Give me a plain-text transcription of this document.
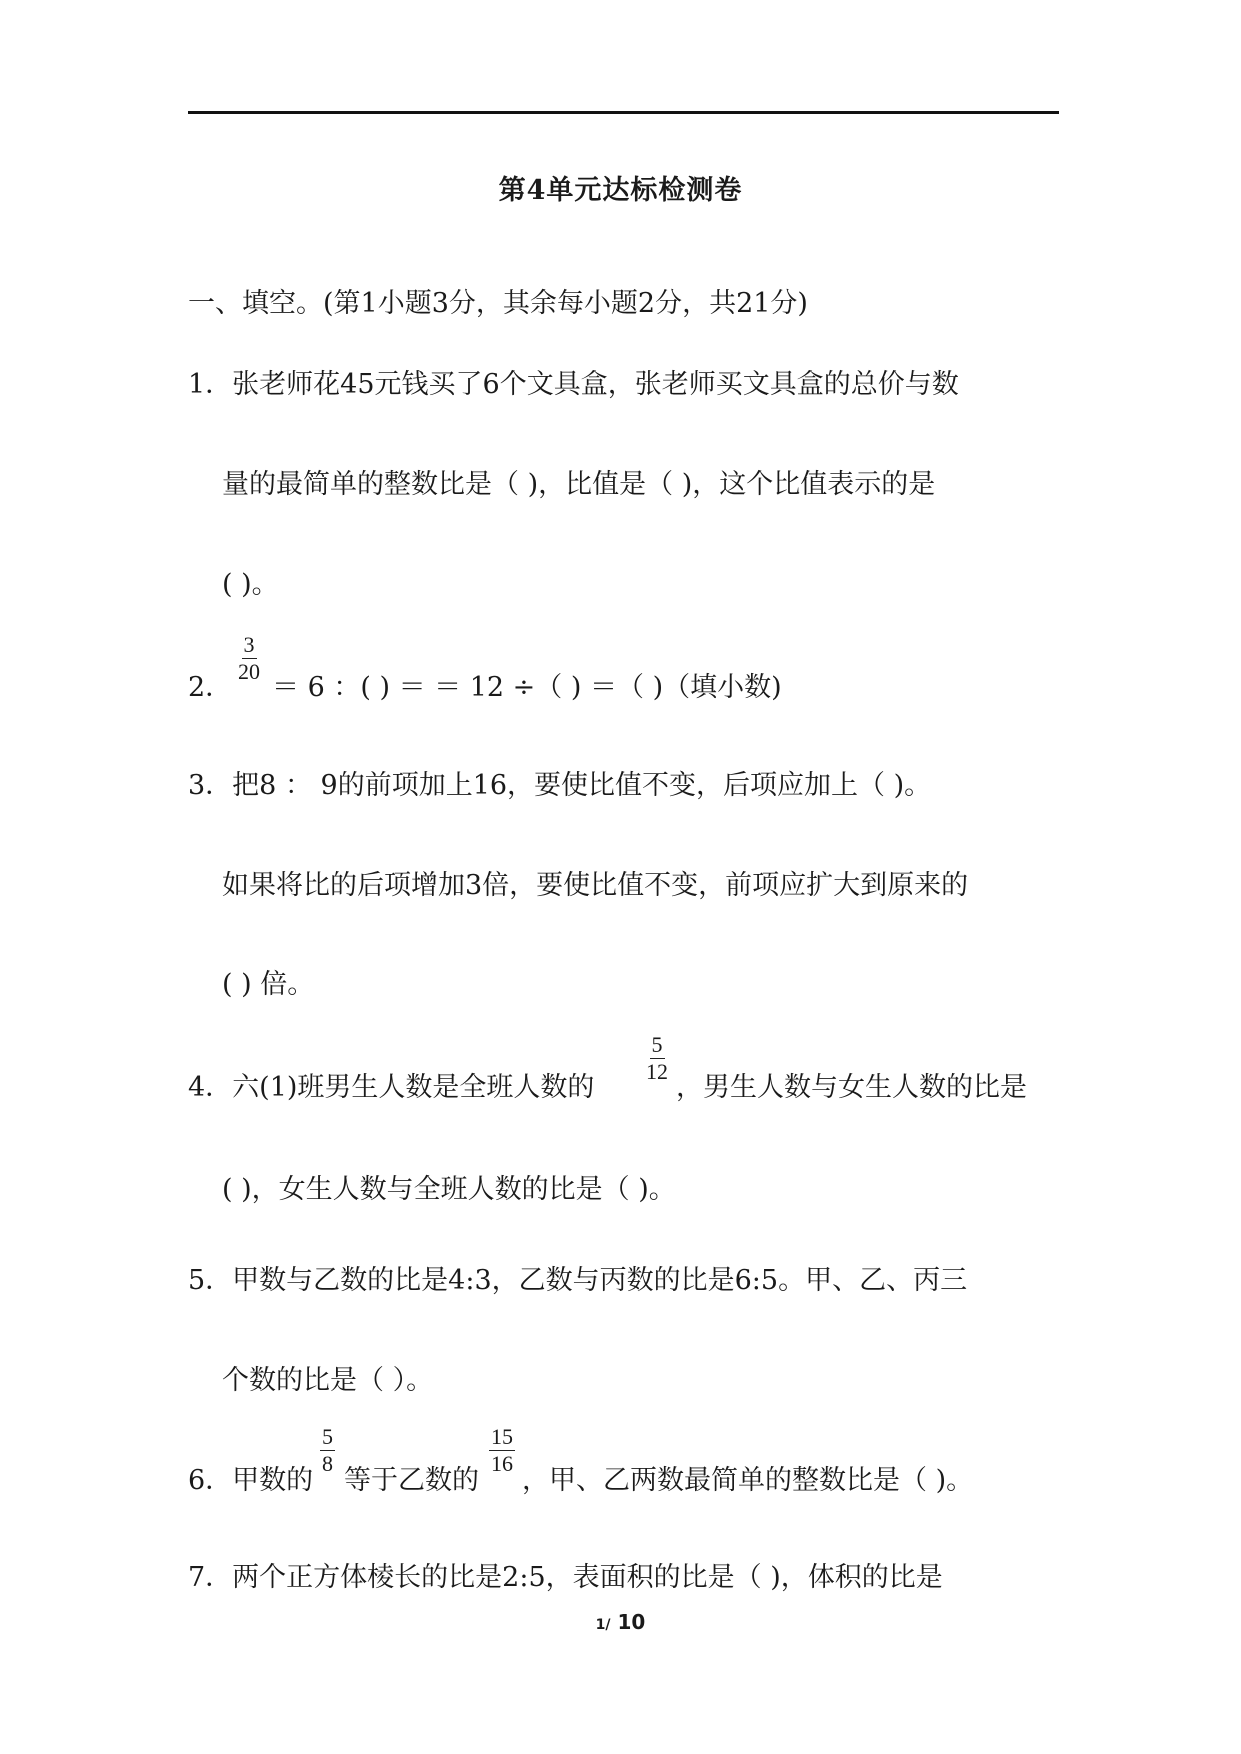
第4单元达标检测卷
一、填空。(第1小题3分，其余每小题2分，共21分)
1．张老师花45元钱买了6个文具盒，张老师买文具盒的总价与数
量的最简单的整数比是（ )，比值是（ )，这个比值表示的是
( )。
2．
$\frac{3}{20}$
＝ 6 ：( ) ＝ ＝ 12 ÷（ ) ＝（ )（填小数)
3．把8 ： 9的前项加上16，要使比值不变，后项应加上（ )。
如果将比的后项增加3倍，要使比值不变，前项应扩大到原来的
( ) 倍。
4．六(1)班男生人数是全班人数的
$\frac{5}{12}$
，男生人数与女生人数的比是
( )，女生人数与全班人数的比是（ )。
5．甲数与乙数的比是4:3，乙数与丙数的比是6:5。甲、乙、丙三
个数的比是（ ）。
6．甲数的
$\frac{5}{8}$
等于乙数的
$\frac{15}{16}$
，甲、乙两数最简单的整数比是（ )。
7．两个正方体棱长的比是2:5，表面积的比是（ )，体积的比是
1/ 10
